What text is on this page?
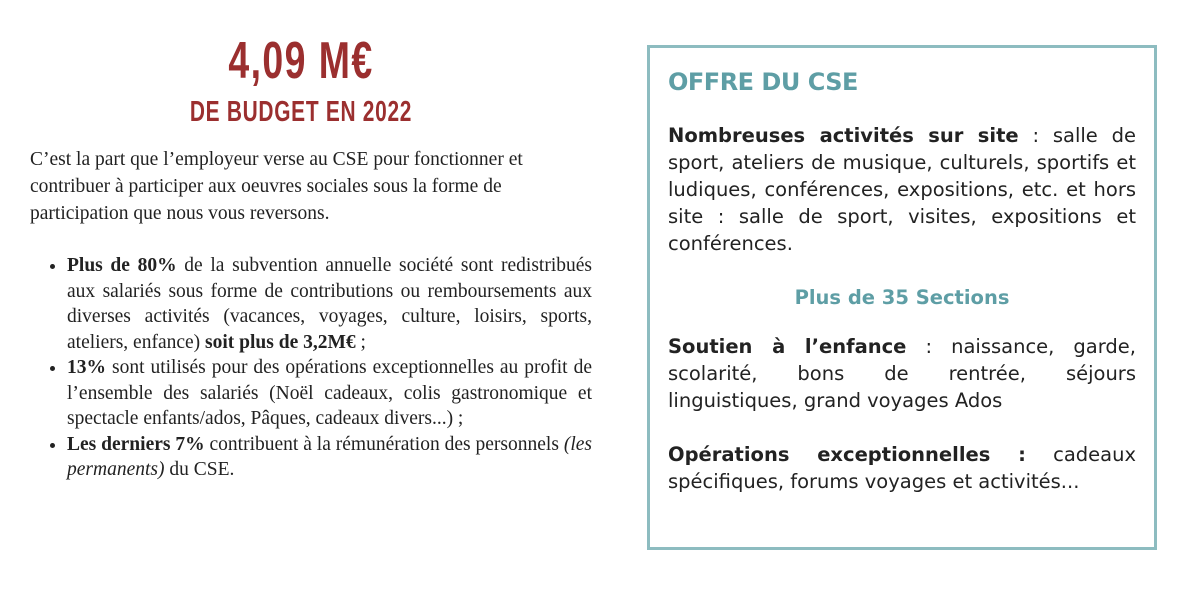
4,09 M€
DE BUDGET EN 2022
C’est la part que l’employeur verse au CSE pour fonctionner et contribuer à participer aux oeuvres sociales sous la forme de participation que nous vous reversons.
• Plus de 80% de la subvention annuelle société sont redistribués aux salariés sous forme de contributions ou remboursements aux diverses activités (vacances, voyages, culture, loisirs, sports, ateliers, enfance) soit plus de 3,2M€ ;
• 13% sont utilisés pour des opérations exceptionnelles au profit de l’ensemble des salariés (Noël cadeaux, colis gastronomique et spectacle enfants/ados, Pâques, cadeaux divers...) ;
• Les derniers 7% contribuent à la rémunération des personnels (les permanents) du CSE.
OFFRE DU CSE
Nombreuses activités sur site : salle de sport, ateliers de musique, culturels, sportifs et ludiques, conférences, expositions, etc. et hors site : salle de sport, visites, expositions et conférences.
Plus de 35 Sections
Soutien à l’enfance : naissance, garde, scolarité, bons de rentrée, séjours linguistiques, grand voyages Ados
Opérations exceptionnelles : cadeaux spécifiques, forums voyages et activités...
